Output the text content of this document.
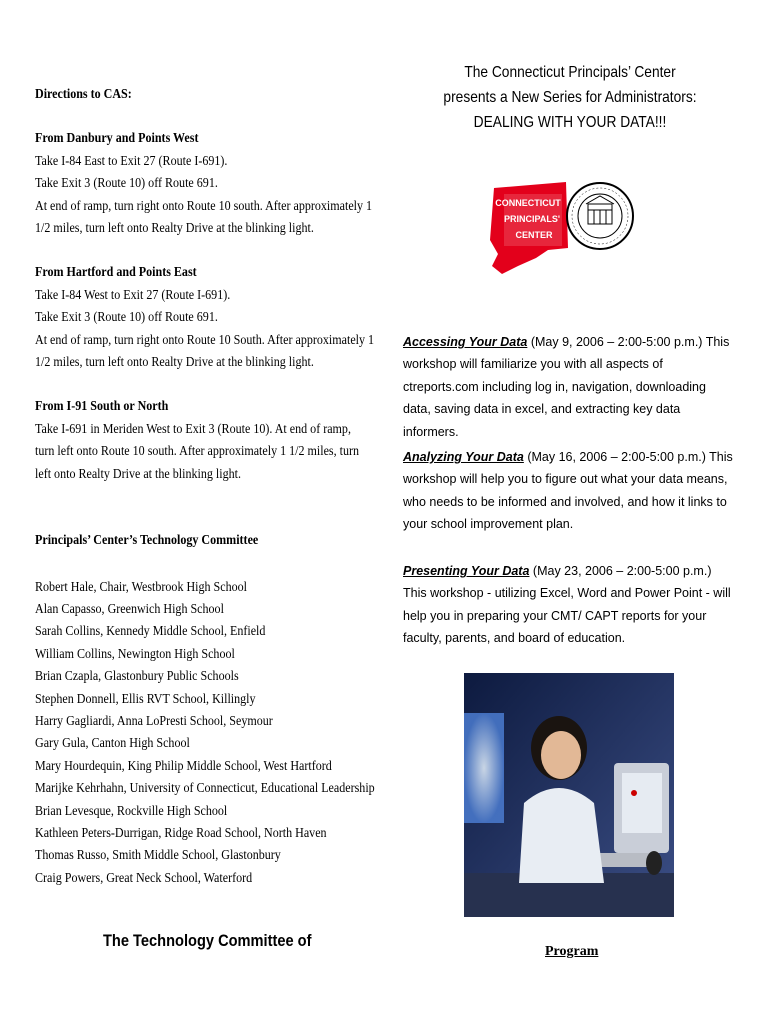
Directions to CAS:
From Danbury and Points West
Take I-84 East to Exit 27 (Route I-691).
Take Exit 3 (Route 10) off Route 691.
At end of ramp, turn right onto Route 10 south. After approximately 1
1/2 miles, turn left onto Realty Drive at the blinking light.
From Hartford and Points East
Take I-84 West to Exit 27 (Route I-691).
Take Exit 3 (Route 10) off Route 691.
At end of ramp, turn right onto Route 10 South. After approximately 1
1/2 miles, turn left onto Realty Drive at the blinking light.
From I-91 South or North
Take I-691 in Meriden West to Exit 3 (Route 10). At end of ramp,
turn left onto Route 10 south. After approximately 1 1/2 miles, turn
left onto Realty Drive at the blinking light.
Principals’ Center’s Technology Committee
Robert Hale, Chair, Westbrook High School
Alan Capasso, Greenwich High School
Sarah Collins, Kennedy Middle School, Enfield
William Collins, Newington High School
Brian Czapla, Glastonbury Public Schools
Stephen Donnell, Ellis RVT School, Killingly
Harry Gagliardi, Anna LoPresti School, Seymour
Gary Gula, Canton High School
Mary Hourdequin, King Philip Middle School, West Hartford
Marijke Kehrhahn, University of Connecticut, Educational Leadership
Brian Levesque, Rockville High School
Kathleen Peters-Durrigan, Ridge Road School, North Haven
Thomas Russo, Smith Middle School, Glastonbury
Craig Powers, Great Neck School, Waterford
The Technology Committee of
The Connecticut Principals’ Center
presents a New Series for Administrators:
DEALING WITH YOUR DATA!!!
CONNECTICUT
PRINCIPALS'
CENTER
Accessing Your Data (May 9, 2006 – 2:00-5:00 p.m.) This workshop will familiarize you with all aspects of ctreports.com including log in, navigation, downloading data, saving data in excel, and extracting key data informers.
Analyzing Your Data (May 16, 2006 – 2:00-5:00 p.m.) This workshop will help you to figure out what your data means, who needs to be informed and involved, and how it links to your school improvement plan.
Presenting Your Data (May 23, 2006 – 2:00-5:00 p.m.) This workshop - utilizing Excel, Word and Power Point - will help you in preparing your CMT/ CAPT reports for your faculty, parents, and board of education.
Program
